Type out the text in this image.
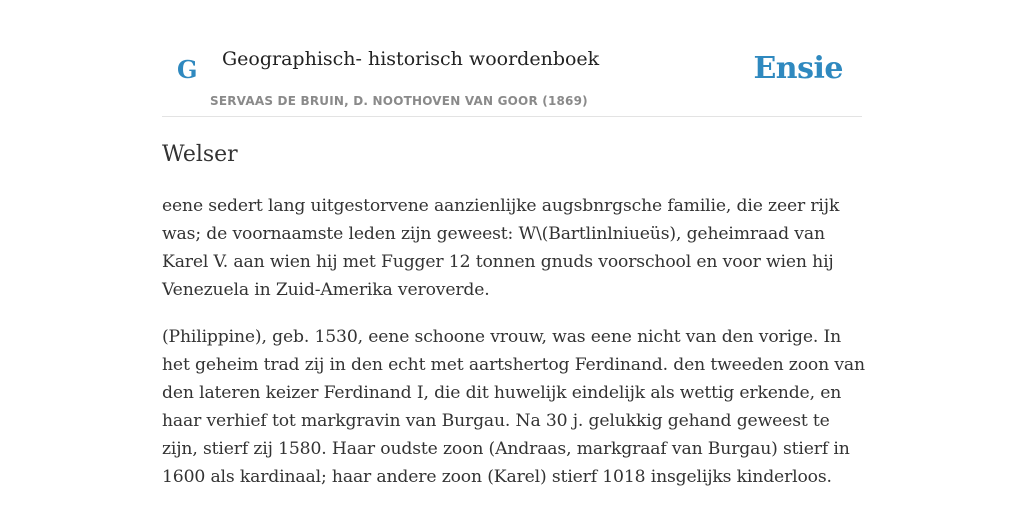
G Geographisch- historisch woordenboek
SERVAAS DE BRUIN, D. NOOTHOVEN VAN GOOR (1869)
Ensie
Welser

eene sedert lang uitgestorvene aanzienlijke augsbnrgsche familie, die zeer rijk was; de voornaamste leden zijn geweest: W\(Bartlinlniueüs), geheimraad van Karel V. aan wien hij met Fugger 12 tonnen gnuds voorschool en voor wien hij Venezuela in Zuid-Amerika veroverde.

(Philippine), geb. 1530, eene schoone vrouw, was eene nicht van den vorige. In het geheim trad zij in den echt met aartshertog Ferdinand. den tweeden zoon van den lateren keizer Ferdinand I, die dit huwelijk eindelijk als wettig erkende, en haar verhief tot markgravin van Burgau. Na 30 j. gelukkig gehand geweest te zijn, stierf zij 1580. Haar oudste zoon (Andraas, markgraaf van Burgau) stierf in 1600 als kardinaal; haar andere zoon (Karel) stierf 1018 insgelijks kinderloos.
